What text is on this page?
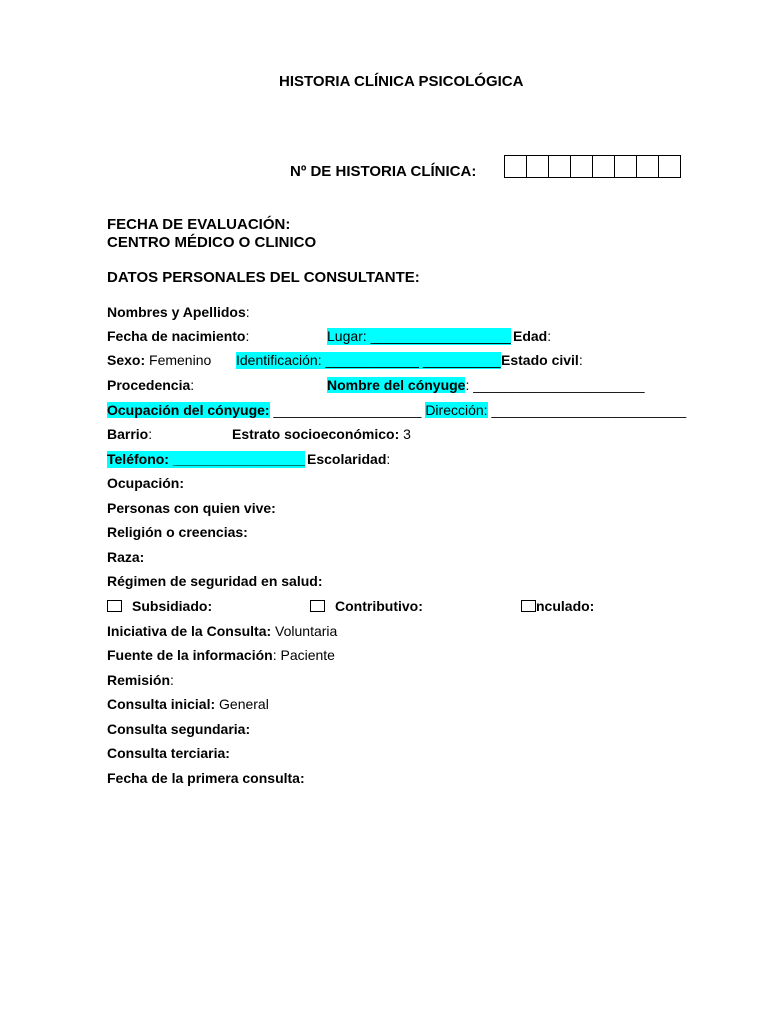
HISTORIA CLÍNICA PSICOLÓGICA
Nº DE HISTORIA CLÍNICA:
FECHA DE EVALUACIÓN:
CENTRO MÉDICO O CLINICO
DATOS PERSONALES DEL CONSULTANTE:
Nombres y Apellidos:
Fecha de nacimiento:	Lugar: __________________ Edad:
Sexo: Femenino Identificación: ____________ __________ Estado civil:
Procedencia:	Nombre del cónyuge: ______________________
Ocupación del cónyuge: ___________________ Dirección: _________________________
Barrio:	Estrato socioeconómico: 3
Teléfono: _________________ Escolaridad:
Ocupación:
Personas con quien vive:
Religión o creencias:
Raza:
Régimen de seguridad en salud:
Subsidiado:	Contributivo:	nculado:
Iniciativa de la Consulta: Voluntaria
Fuente de la información: Paciente
Remisión:
Consulta inicial: General
Consulta segundaria:
Consulta terciaria:
Fecha de la primera consulta:
